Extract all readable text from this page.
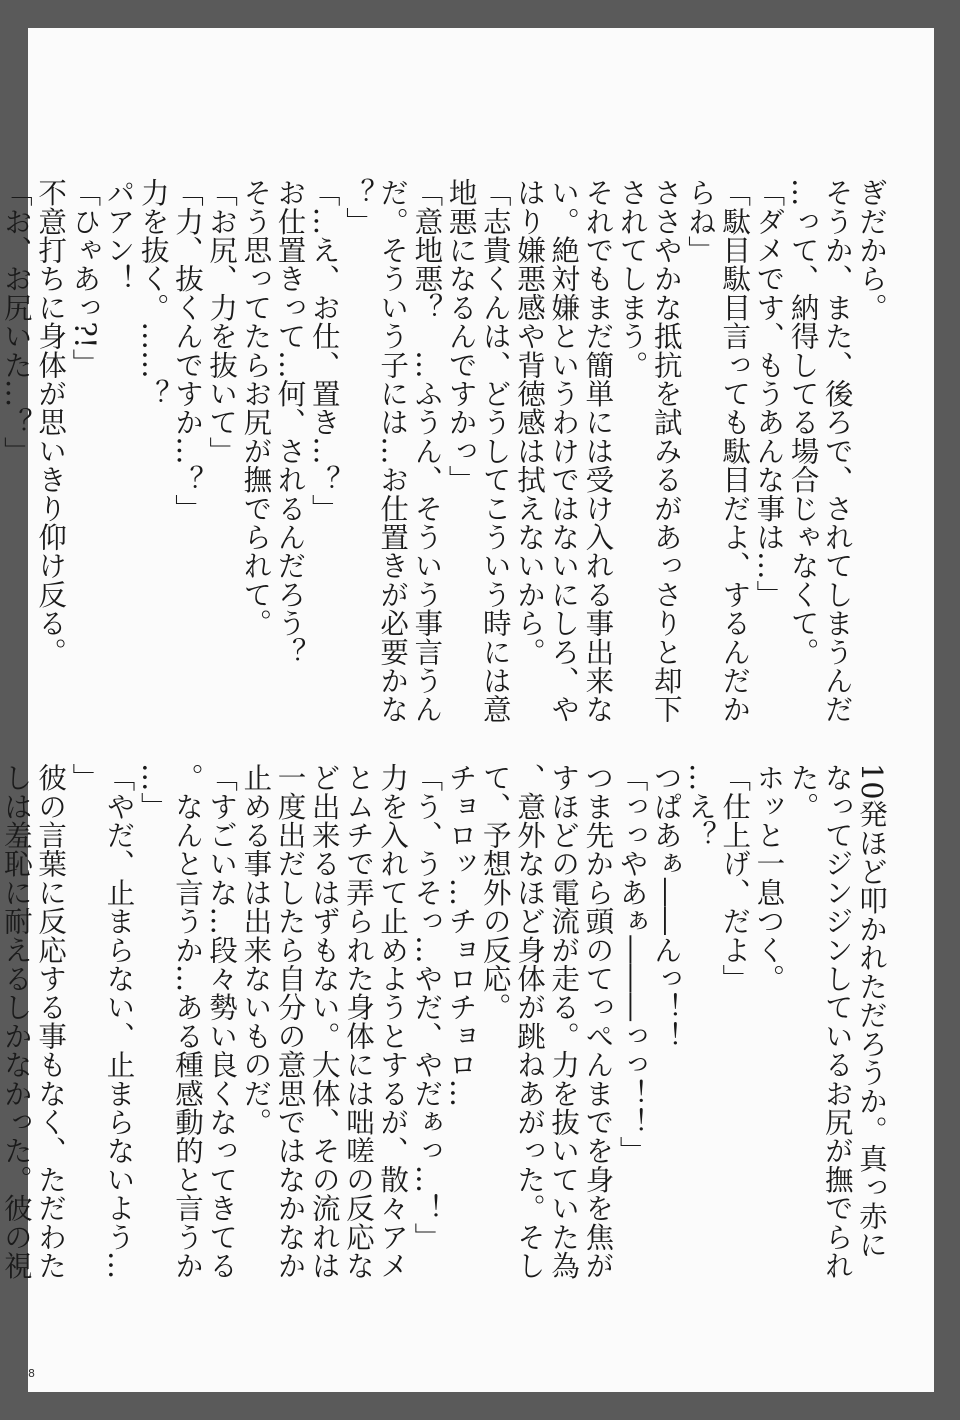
ぎだから。
そうか、また、後ろで、されてしまうんだ
…って、納得してる場合じゃなくて。
「ダメです、もうあんな事は…」
「駄目駄目言っても駄目だよ、するんだか
らね」
ささやかな抵抗を試みるがあっさりと却下
されてしまう。
それでもまだ簡単には受け入れる事出来な
い。絶対嫌というわけではないにしろ、や
はり嫌悪感や背徳感は拭えないから。
「志貴くんは、どうしてこういう時には意
地悪になるんですかっ」
「意地悪？　…ふうん、そういう事言うん
だ。そういう子には…お仕置きが必要かな
？」
「…え、お仕、置き…？」
お仕置きって…何、されるんだろう？
そう思ってたらお尻が撫でられて。
「お尻、力を抜いて」
「力、抜くんですか…？」
力を抜く。……？
パアン！
「ひゃあっ?!」
不意打ちに身体が思いきり仰け反る。
「お、お尻いた…？」
10発ほど叩かれただろうか。真っ赤に
なってジンジンしているお尻が撫でられ
た。
ホッと一息つく。
「仕上げ、だよ」
…え？
つぱあぁ――んっ！！
「っっやあぁ―――っっ！！」
つま先から頭のてっぺんまでを身を焦が
すほどの電流が走る。力を抜いていた為
、意外なほど身体が跳ねあがった。そし
て、予想外の反応。
チョロッ…チョロチョロ…
「う、うそっ…やだ、やだぁっ…！」
力を入れて止めようとするが、散々アメ
とムチで弄られた身体には咄嗟の反応な
ど出来るはずもない。大体、その流れは
一度出だしたら自分の意思ではなかなか
止める事は出来ないものだ。
「すごいな…段々勢い良くなってきてる
。なんと言うか…ある種感動的と言うか
…」
「やだ、止まらない、止まらないよう…
」
彼の言葉に反応する事もなく、ただわた
しは羞恥に耐えるしかなかった。彼の視
8
